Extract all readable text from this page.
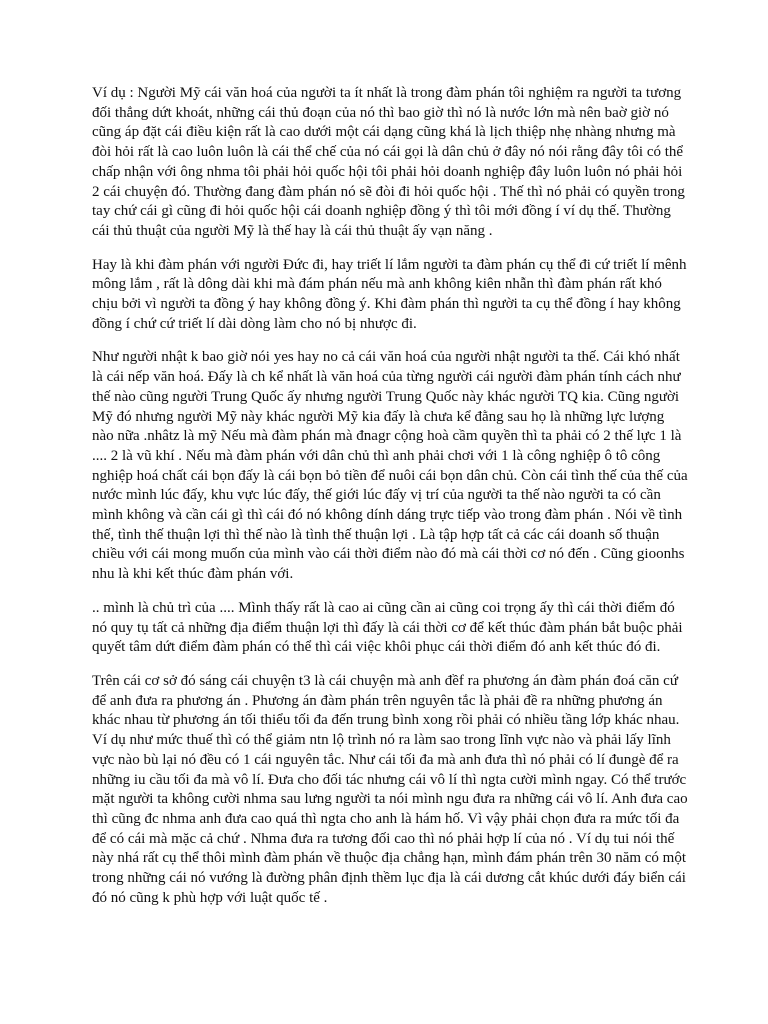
Ví dụ : Người Mỹ cái văn hoá của người ta ít nhất là trong đàm phán tôi nghiệm ra người ta tương đối thẳng dứt khoát, những cái thủ đoạn của nó thì bao giờ thì nó là nước lớn mà nên baờ giờ nó cũng áp đặt cái điều kiện rất là cao dưới một cái dạng cũng khá là lịch thiệp nhẹ nhàng nhưng mà đòi hỏi rất là cao luôn luôn là cái thể chế của nó cái gọi là dân chủ ở đây nó nói rằng đây tôi có thể chấp nhận với ông nhma tôi phải hỏi quốc hội tôi phải hỏi doanh nghiệp đây luôn luôn nó phải hỏi 2 cái chuyện đó. Thường đang đàm phán nó sẽ đòi đi hỏi quốc hội . Thế thì nó phải có quyền trong tay chứ cái gì cũng đi hỏi quốc hội cái doanh nghiệp đồng ý thì tôi mới đồng í ví dụ thế. Thường cái thủ thuật của người Mỹ là thế hay là cái thủ thuật ấy vạn năng .

Hay là khi đàm phán với người Đức đi, hay triết lí lắm người ta đàm phán cụ thể đi cứ triết lí mênh mông lắm , rất là dông dài khi mà đám phán nếu mà anh không kiên nhẫn thì đàm phán rất khó chịu bởi vì người ta đồng ý hay không đồng ý. Khi đàm phán thì người ta cụ thể đồng í hay không đồng í chứ cứ triết lí dài dòng làm cho nó bị nhược đi.

Như người nhật k bao giờ nói yes hay no cả cái văn hoá của người nhật người ta thế. Cái khó nhất là cái nếp văn hoá. Đấy là ch kể nhất là văn hoá của từng người cái người đàm phán tính cách như thế nào cũng người Trung Quốc ấy nhưng người Trung Quốc này khác người TQ kia. Cũng người Mỹ đó nhưng người Mỹ này khác người Mỹ kia đấy là chưa kể đằng sau họ là những lực lượng nào nữa .nhâtz là mỹ Nếu mà đàm phán mà đnagr cộng hoà cầm quyền thì ta phải có 2 thế lực 1 là .... 2 là vũ khí . Nếu mà đàm phán với dân chủ thì anh phải chơi với 1 là công nghiệp ô tô công nghiệp hoá chất cái bọn đấy là cái bọn bỏ tiền để nuôi cái bọn dân chủ. Còn cái tình thế của thế của nước mình lúc đấy, khu vực lúc đấy, thế giới lúc đấy vị trí của người ta thế nào người ta có cần mình không và cần cái gì thì cái đó nó không dính dáng trực tiếp vào trong đàm phán . Nói về tình thế, tình thế thuận lợi thì thế nào là tình thế thuận lợi . Là tập hợp tất cả các cái doanh số thuận chiều với cái mong muốn của mình vào cái thời điểm nào đó mà cái thời cơ nó đến . Cũng gioonhs nhu là khi kết thúc đàm phán với.

.. mình là chủ trì của .... Mình thấy rất là cao ai cũng cần ai cũng coi trọng ấy thì cái thời điểm đó nó quy tụ tất cả những địa điểm thuận lợi thì đấy là cái thời cơ để kết thúc đàm phán bắt buộc phải quyết tâm dứt điểm đàm phán có thể thì cái việc khôi phục cái thời điểm đó anh kết thúc đó đi.

Trên cái cơ sở đó sáng cái chuyện t3 là cái chuyện mà anh đềf ra phương án đàm phán đoá căn cứ để anh đưa ra phương án . Phương án đàm phán trên nguyên tắc là phải đề ra những phương án khác nhau từ phương án tối thiểu tối đa đến trung bình xong rồi phải có nhiều tầng lớp khác nhau. Ví dụ như mức thuế thì có thể giảm ntn lộ trình nó ra làm sao trong lĩnh vực nào và phải lấy lĩnh vực nào bù lại nó đều có 1 cái nguyên tắc. Như cái tối đa mà anh đưa thì nó phải có lí đungè để ra những iu cầu tối đa mà vô lí. Đưa cho đối tác nhưng cái vô lí thì ngta cười mình ngay. Có thể trước mặt người ta không cười nhma sau lưng người ta nói mình ngu đưa ra những cái vô lí. Anh đưa cao thì cũng đc nhma anh đưa cao quá thì ngta cho anh là hám hố. Vì vậy phải chọn đưa ra mức tối đa để có cái mà mặc cả chứ . Nhma đưa ra tương đối cao thì nó phải hợp lí của nó . Ví dụ tui nói thế này nhá rất cụ thể thôi mình đàm phán về thuộc địa chẳng hạn, mình đám phán trên 30 năm có một trong những cái nó vướng là đường phân định thềm lục địa là cái dương cắt khúc dưới đáy biển cái đó nó cũng k phù hợp với luật quốc tế .
